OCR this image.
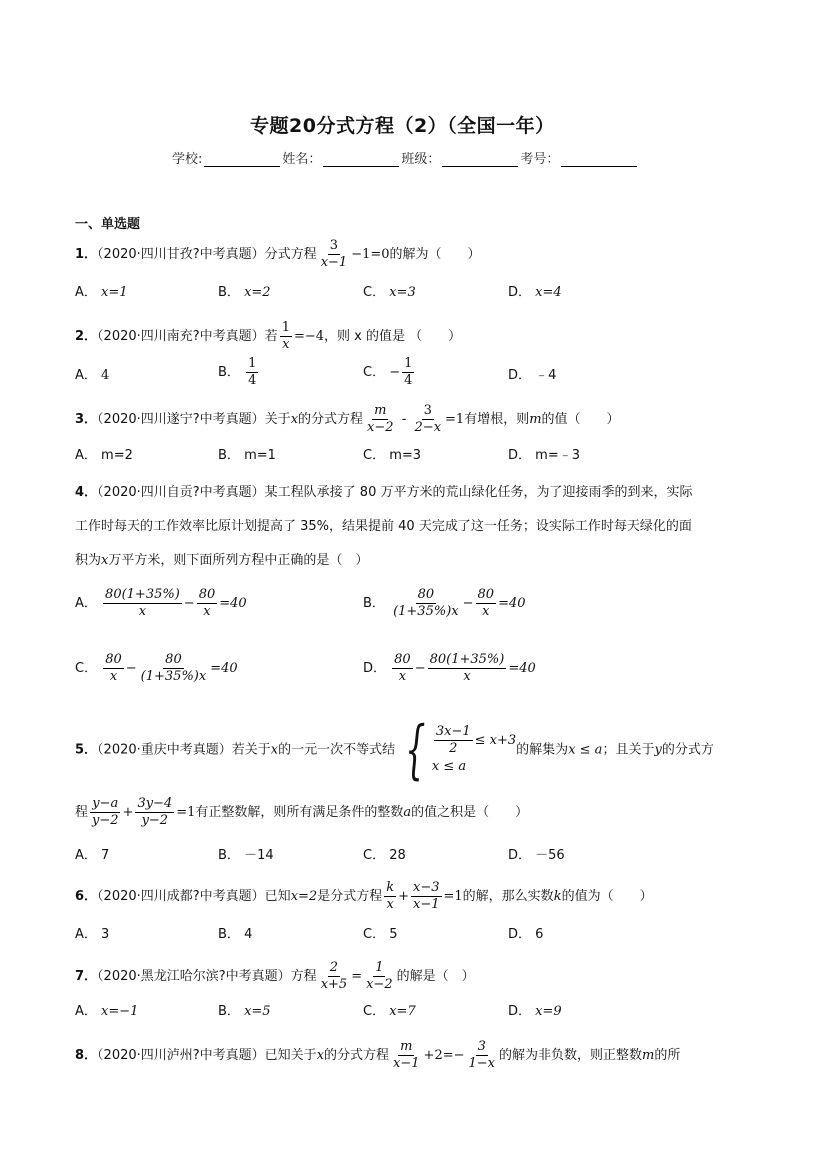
专题20分式方程（2）（全国一年）
学校:	姓名：	班级：	考号：
一、单选题
1．（2020·四川甘孜?中考真题）分式方程 $\frac{3}{x-1} -1=0$的解为（　　）
A． x=1	B． x=2	C． x=3	D． x=4
2．（2020·四川南充?中考真题）若 $\frac{1}{x} =-4$，则 x 的值是 （　　）
A． 4	B． $\frac{1}{4}$	C． − $\frac{1}{4}$	D． ﹣4
3．（2020·四川遂宁?中考真题）关于x的分式方程 $\frac{m}{x-2} - \frac{3}{2-x} =1$有增根，则m的值（　　）
A． m=2	B． m=1	C． m=3	D． m=﹣3
4．（2020·四川自贡?中考真题）某工程队承接了 80 万平方米的荒山绿化任务，为了迎接雨季的到来，实际
工作时每天的工作效率比原计划提高了 35%，结果提前 40 天完成了这一任务；设实际工作时每天绿化的面
积为x万平方米，则下面所列方程中正确的是（　）
A． $\frac{80(1+35\%)}{x} - \frac{80}{x} =40$	B． $\frac{80}{(1+35\%)x} - \frac{80}{x} =40$
C． $\frac{80}{x} - \frac{80}{(1+35\%)x} =40$	D． $\frac{80}{x} - \frac{80(1+35\%)}{x} =40$
5．（2020·重庆中考真题）若关于x的一元一次不等式结 { $\frac{3x-1}{2} \le x+3$
x ≤ a
的解集为x ≤ a；且关于y的分式方
程 $\frac{y-a}{y-2} + \frac{3y-4}{y-2} =1$有正整数解，则所有满足条件的整数a的值之积是（　　）
A． 7	B． －14	C． 28	D． －56
6．（2020·四川成都?中考真题）已知x=2是分式方程 $\frac{k}{x} + \frac{x-3}{x-1} =1$的解，那么实数k的值为（　　）
A． 3	B． 4	C． 5	D． 6
7．（2020·黑龙江哈尔滨?中考真题）方程 $\frac{2}{x+5} = \frac{1}{x-2}$ 的解是（　）
A． x=−1	B． x=5	C． x=7	D． x=9
8．（2020·四川泸州?中考真题）已知关于x的分式方程 $\frac{m}{x-1} +2=- \frac{3}{1-x}$ 的解为非负数，则正整数m的所
